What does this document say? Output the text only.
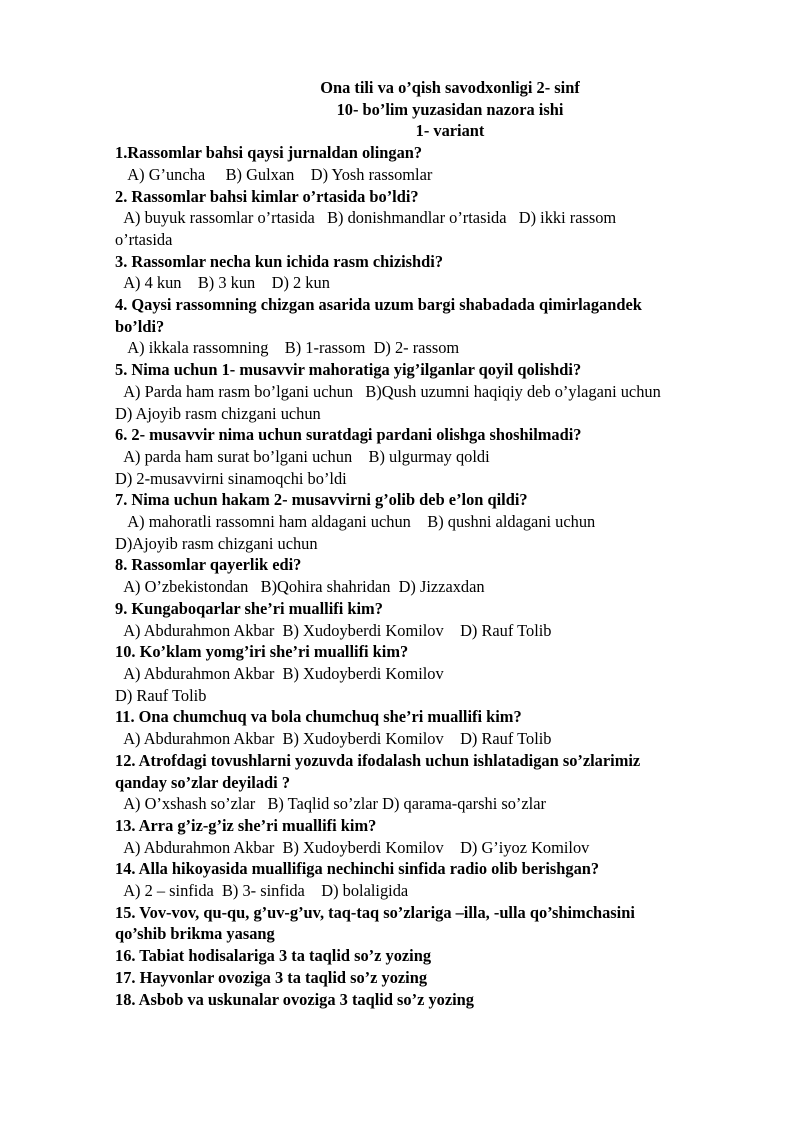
Ona tili va o’qish savodxonligi 2- sinf
10- bo’lim yuzasidan nazora ishi
1- variant
1.Rassomlar bahsi qaysi jurnaldan olingan?
A) G’uncha     B) Gulxan    D) Yosh rassomlar
2. Rassomlar bahsi kimlar o’rtasida bo’ldi?
A) buyuk rassomlar o’rtasida   B) donishmandlar o’rtasida   D) ikki rassom
o’rtasida
3. Rassomlar necha kun ichida rasm chizishdi?
A) 4 kun    B) 3 kun    D) 2 kun
4. Qaysi rassomning chizgan asarida uzum bargi shabadada qimirlagandek
bo’ldi?
A) ikkala rassomning    B) 1-rassom  D) 2- rassom
5. Nima uchun 1- musavvir mahoratiga yig’ilganlar qoyil qolishdi?
A) Parda ham rasm bo’lgani uchun   B)Qush uzumni haqiqiy deb o’ylagani uchun
D) Ajoyib rasm chizgani uchun
6. 2- musavvir nima uchun suratdagi pardani olishga shoshilmadi?
A) parda ham surat bo’lgani uchun    B) ulgurmay qoldi
D) 2-musavvirni sinamoqchi bo’ldi
7. Nima uchun hakam 2- musavvirni g’olib deb e’lon qildi?
A) mahoratli rassomni ham aldagani uchun    B) qushni aldagani uchun
D)Ajoyib rasm chizgani uchun
8. Rassomlar qayerlik edi?
A) O’zbekistondan   B)Qohira shahridan  D) Jizzaxdan
9. Kungaboqarlar she’ri muallifi kim?
A) Abdurahmon Akbar  B) Xudoyberdi Komilov    D) Rauf Tolib
10. Ko’klam yomg’iri she’ri muallifi kim?
A) Abdurahmon Akbar  B) Xudoyberdi Komilov
D) Rauf Tolib
11. Ona chumchuq va bola chumchuq she’ri muallifi kim?
A) Abdurahmon Akbar  B) Xudoyberdi Komilov    D) Rauf Tolib
12. Atrofdagi tovushlarni yozuvda ifodalash uchun ishlatadigan so’zlarimiz
qanday so’zlar deyiladi ?
A) O’xshash so’zlar   B) Taqlid so’zlar D) qarama-qarshi so’zlar
13. Arra g’iz-g’iz she’ri muallifi kim?
A) Abdurahmon Akbar  B) Xudoyberdi Komilov    D) G’iyoz Komilov
14. Alla hikoyasida muallifiga nechinchi sinfida radio olib berishgan?
A) 2 – sinfida  B) 3- sinfida    D) bolaligida
15. Vov-vov, qu-qu, g’uv-g’uv, taq-taq so’zlariga –illa, -ulla qo’shimchasini
qo’shib brikma yasang
16. Tabiat hodisalariga 3 ta taqlid so’z yozing
17. Hayvonlar ovoziga 3 ta taqlid so’z yozing
18. Asbob va uskunalar ovoziga 3 taqlid so’z yozing
